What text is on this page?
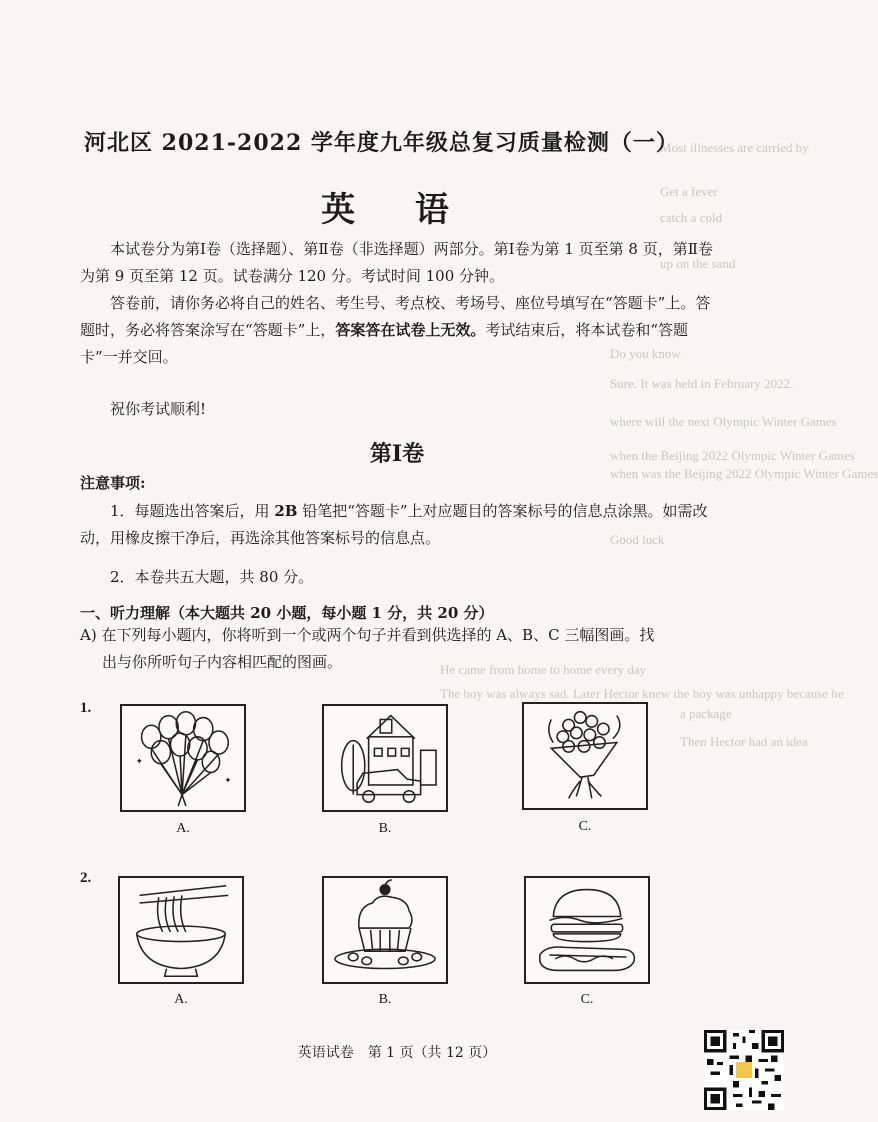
Most illnesses are carried by
Get a fever
catch a cold
up on the sand
Do you know
Sure. It was held in February 2022.
where will the next Olympic Winter Games
when the Beijing 2022 Olympic Winter Games
when was the Beijing 2022 Olympic Winter Games
Good luck
He came from home to home every day
The boy was always sad. Later Hector knew the boy was unhappy because he
a package
Then Hector had an idea
河北区 2021-2022 学年度九年级总复习质量检测（一）
英 语
本试卷分为第Ⅰ卷（选择题）、第Ⅱ卷（非选择题）两部分。第Ⅰ卷为第 1 页至第 8 页，第Ⅱ卷为第 9 页至第 12 页。试卷满分 120 分。考试时间 100 分钟。
答卷前，请你务必将自己的姓名、考生号、考点校、考场号、座位号填写在“答题卡”上。答题时，务必将答案涂写在“答题卡”上，答案答在试卷上无效。考试结束后，将本试卷和“答题卡”一并交回。
祝你考试顺利!
第Ⅰ卷
注意事项:
1．每题选出答案后，用 2B 铅笔把“答题卡”上对应题目的答案标号的信息点涂黑。如需改动，用橡皮擦干净后，再选涂其他答案标号的信息点。
2．本卷共五大题，共 80 分。
一、听力理解（本大题共 20 小题，每小题 1 分，共 20 分）
A) 在下列每小题内，你将听到一个或两个句子并看到供选择的 A、B、C 三幅图画。找
出与你所听句子内容相匹配的图画。
1.
✦
✦
A.	B.	C.
2.
A.	B.	C.
英语试卷　第 1 页（共 12 页）
